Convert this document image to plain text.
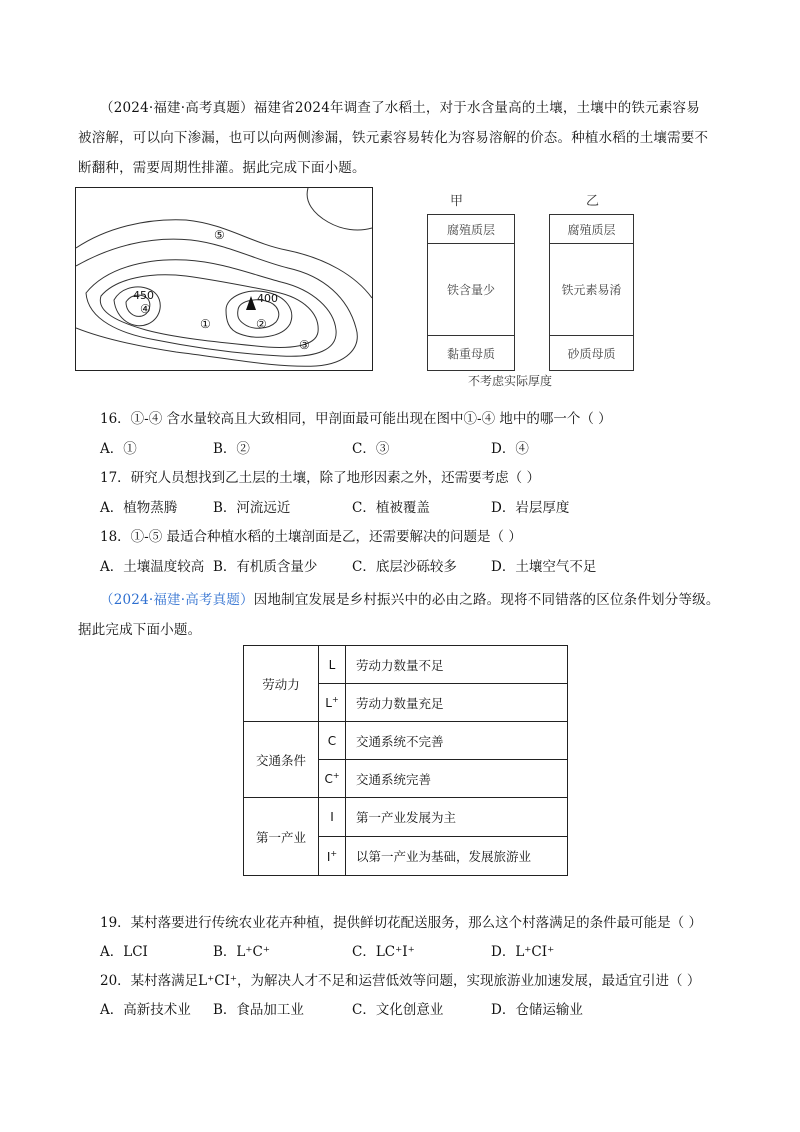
（2024·福建·高考真题）福建省2024年调查了水稻土，对于水含量高的土壤，土壤中的铁元素容易
被溶解，可以向下渗漏，也可以向两侧渗漏，铁元素容易转化为容易溶解的价态。种植水稻的土壤需要不
断翻种，需要周期性排灌。据此完成下面小题。
450	400
④
①	②
③
⑤
甲	乙
腐殖质层
铁含量少
黏重母质
腐殖质层
铁元素易淆
砂质母质
不考虑实际厚度
16．①-④ 含水量较高且大致相同，甲剖面最可能出现在图中①-④ 地中的哪一个（ ）
A．①	B．②	C．③	D．④
17．研究人员想找到乙土层的土壤，除了地形因素之外，还需要考虑（ ）
A．植物蒸腾	B．河流远近	C．植被覆盖	D．岩层厚度
18．①-⑤ 最适合种植水稻的土壤剖面是乙，还需要解决的问题是（ ）
A．土壤温度较高 B．有机质含量少	C．底层沙砾较多	D．土壤空气不足
（2024·福建·高考真题）因地制宜发展是乡村振兴中的必由之路。现将不同错落的区位条件划分等级。
据此完成下面小题。
劳动力	L	劳动力数量不足
	L+	劳动力数量充足
交通条件	C	交通系统不完善
	C+	交通系统完善
第一产业	I	第一产业发展为主
	I+	以第一产业为基础，发展旅游业
19．某村落要进行传统农业花卉种植，提供鲜切花配送服务，那么这个村落满足的条件最可能是（ ）
A．LCI	B．L⁺C⁺	C．LC⁺I⁺	D．L⁺CI⁺
20．某村落满足L⁺CI⁺，为解决人才不足和运营低效等问题，实现旅游业加速发展，最适宜引进（ ）
A．高新技术业 B．食品加工业	C．文化创意业	D．仓储运输业
